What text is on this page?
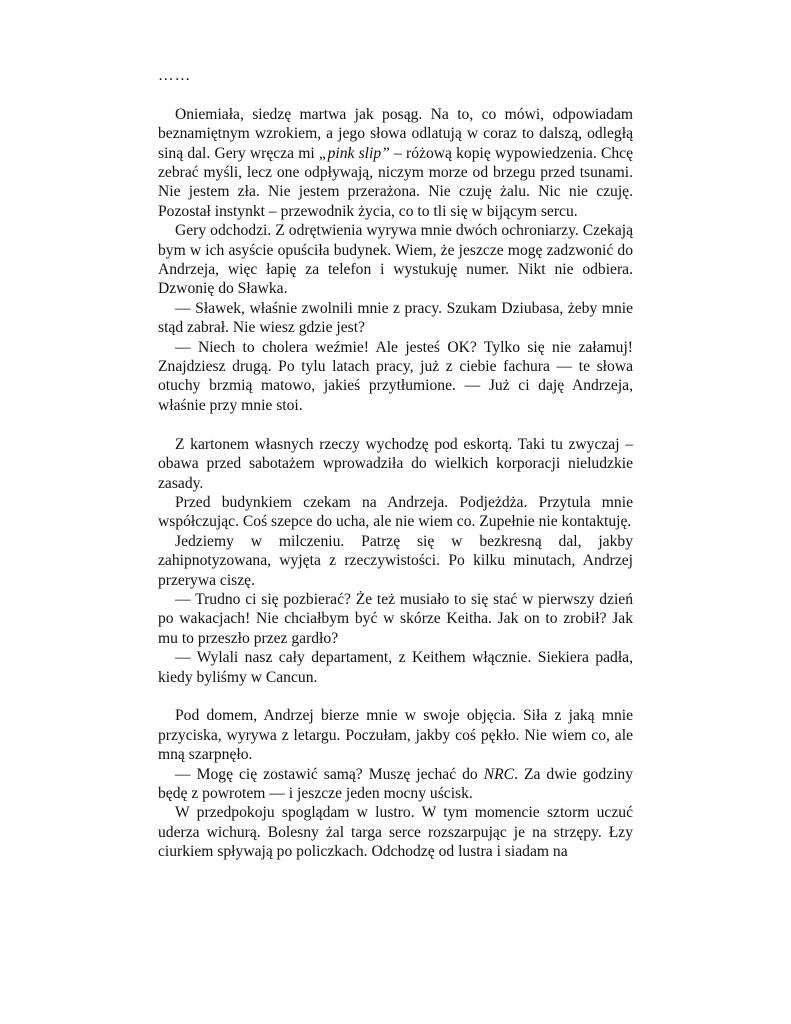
……

Oniemiała, siedzę martwa jak posąg. Na to, co mówi, odpowiadam beznamiętnym wzrokiem, a jego słowa odlatują w coraz to dalszą, odległą siną dal. Gery wręcza mi „pink slip” – różową kopię wypowiedzenia. Chcę zebrać myśli, lecz one odpływają, niczym morze od brzegu przed tsunami. Nie jestem zła. Nie jestem przerażona. Nie czuję żalu. Nic nie czuję. Pozostał instynkt – przewodnik życia, co to tli się w bijącym sercu.

Gery odchodzi. Z odrętwienia wyrywa mnie dwóch ochroniarzy. Czekają bym w ich asyście opuściła budynek. Wiem, że jeszcze mogę zadzwonić do Andrzeja, więc łapię za telefon i wystukuję numer. Nikt nie odbiera. Dzwonię do Sławka.

— Sławek, właśnie zwolnili mnie z pracy. Szukam Dziubasa, żeby mnie stąd zabrał. Nie wiesz gdzie jest?

— Niech to cholera weźmie! Ale jesteś OK? Tylko się nie załamuj! Znajdziesz drugą. Po tylu latach pracy, już z ciebie fachura — te słowa otuchy brzmią matowo, jakieś przytłumione. — Już ci daję Andrzeja, właśnie przy mnie stoi.

Z kartonem własnych rzeczy wychodzę pod eskortą. Taki tu zwyczaj – obawa przed sabotażem wprowadziła do wielkich korporacji nieludzkie zasady.

Przed budynkiem czekam na Andrzeja. Podjeżdża. Przytula mnie współczując. Coś szepce do ucha, ale nie wiem co. Zupełnie nie kontaktuję.

Jedziemy w milczeniu. Patrzę się w bezkresną dal, jakby zahipnotyzowana, wyjęta z rzeczywistości. Po kilku minutach, Andrzej przerywa ciszę.

— Trudno ci się pozbierać? Że też musiało to się stać w pierwszy dzień po wakacjach! Nie chciałbym być w skórze Keitha. Jak on to zrobił? Jak mu to przeszło przez gardło?

— Wylali nasz cały departament, z Keithem włącznie. Siekiera padła, kiedy byliśmy w Cancun.

Pod domem, Andrzej bierze mnie w swoje objęcia. Siła z jaką mnie przyciska, wyrywa z letargu. Poczułam, jakby coś pękło. Nie wiem co, ale mną szarpnęło.

— Mogę cię zostawić samą? Muszę jechać do NRC. Za dwie godziny będę z powrotem — i jeszcze jeden mocny uścisk.

W przedpokoju spoglądam w lustro. W tym momencie sztorm uczuć uderza wichurą. Bolesny żal targa serce rozszarpując je na strzępy. Łzy ciurkiem spływają po policzkach. Odchodzę od lustra i siadam na
